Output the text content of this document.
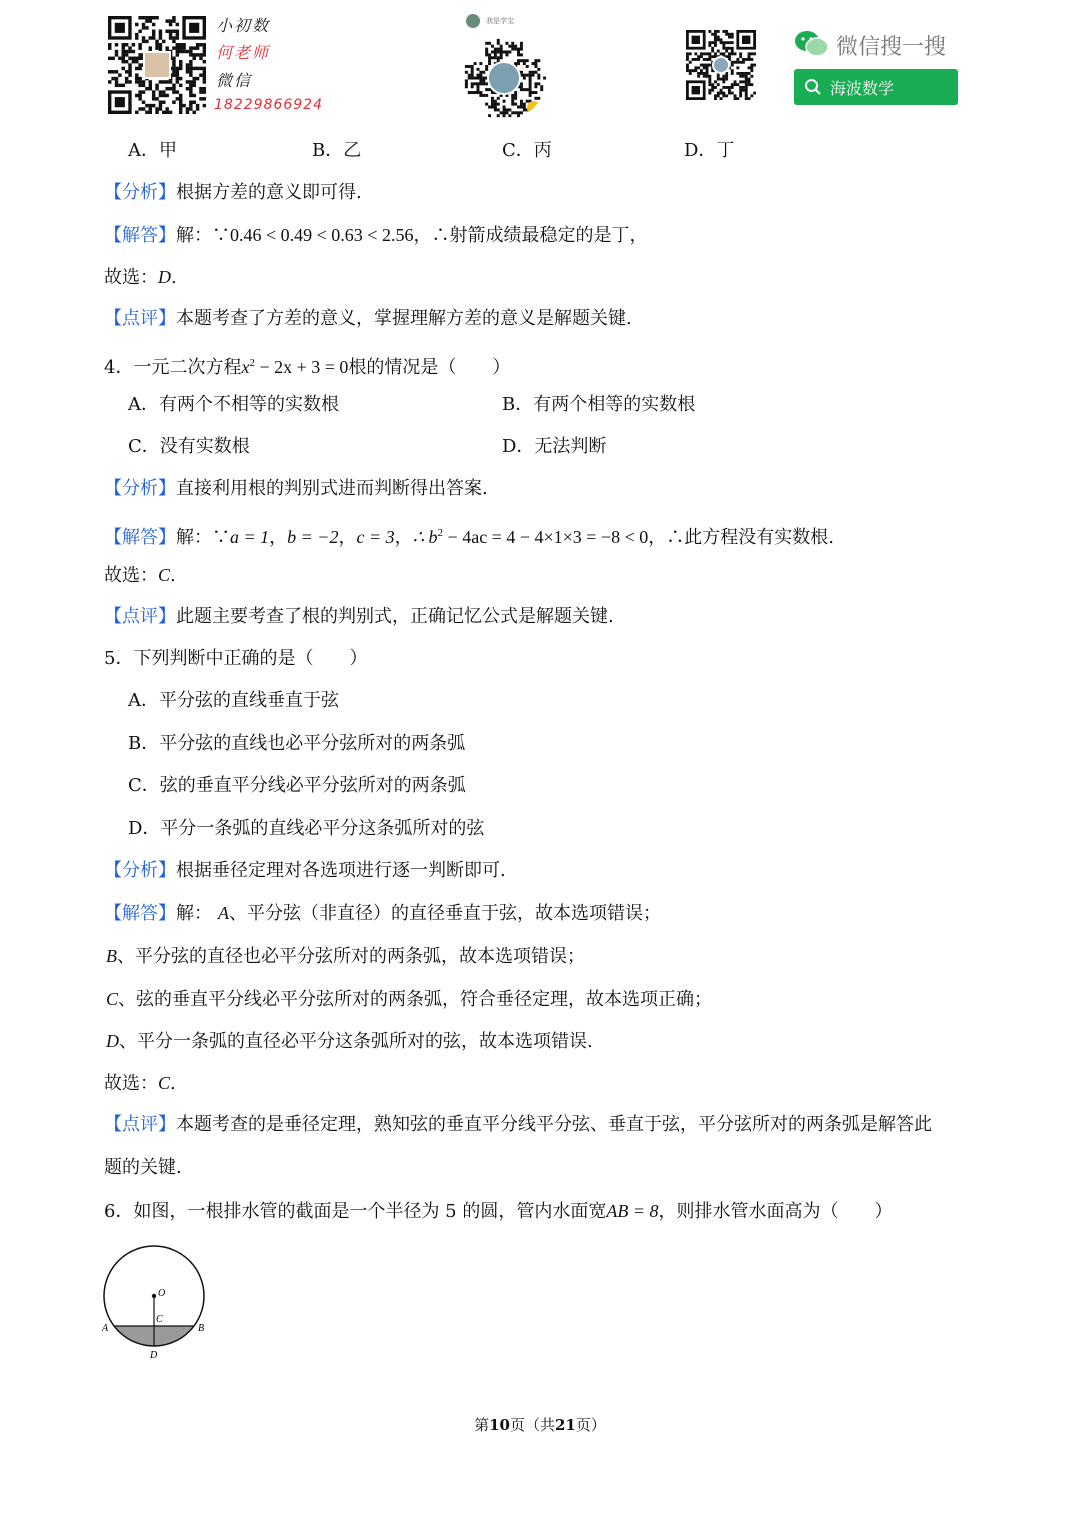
小初数
何老师
微信
18229866924
我是学宝
微信搜一搜
海波数学
A．甲	B．乙	C．丙	D．丁
【分析】根据方差的意义即可得.
【解答】解：∵0.46 < 0.49 < 0.63 < 2.56，∴射箭成绩最稳定的是丁，
故选：D.
【点评】本题考查了方差的意义，掌握理解方差的意义是解题关键.
4．一元二次方程$x^2 - 2x + 3 = 0$根的情况是（　　）
A．有两个不相等的实数根	B．有两个相等的实数根
C．没有实数根	D．无法判断
【分析】直接利用根的判别式进而判断得出答案.
【解答】解：∵a = 1，b = −2，c = 3，∴ $b^2 - 4ac = 4 - 4\times 1\times 3 = -8 < 0$，∴此方程没有实数根.
故选：C.
【点评】此题主要考查了根的判别式，正确记忆公式是解题关键.
5．下列判断中正确的是（　　）
A．平分弦的直线垂直于弦
B．平分弦的直线也必平分弦所对的两条弧
C．弦的垂直平分线必平分弦所对的两条弧
D．平分一条弧的直线必平分这条弧所对的弦
【分析】根据垂径定理对各选项进行逐一判断即可.
【解答】解： A、平分弦（非直径）的直径垂直于弦，故本选项错误；
B、平分弦的直径也必平分弦所对的两条弧，故本选项错误；
C、弦的垂直平分线必平分弦所对的两条弧，符合垂径定理，故本选项正确；
D、平分一条弧的直径必平分这条弧所对的弦，故本选项错误.
故选：C.
【点评】本题考查的是垂径定理，熟知弦的垂直平分线平分弦、垂直于弦，平分弦所对的两条弧是解答此
题的关键.
6．如图，一根排水管的截面是一个半径为 5 的圆，管内水面宽AB = 8，则排水管水面高为（　　）
O
C
A	B
D
第10页（共21页）
